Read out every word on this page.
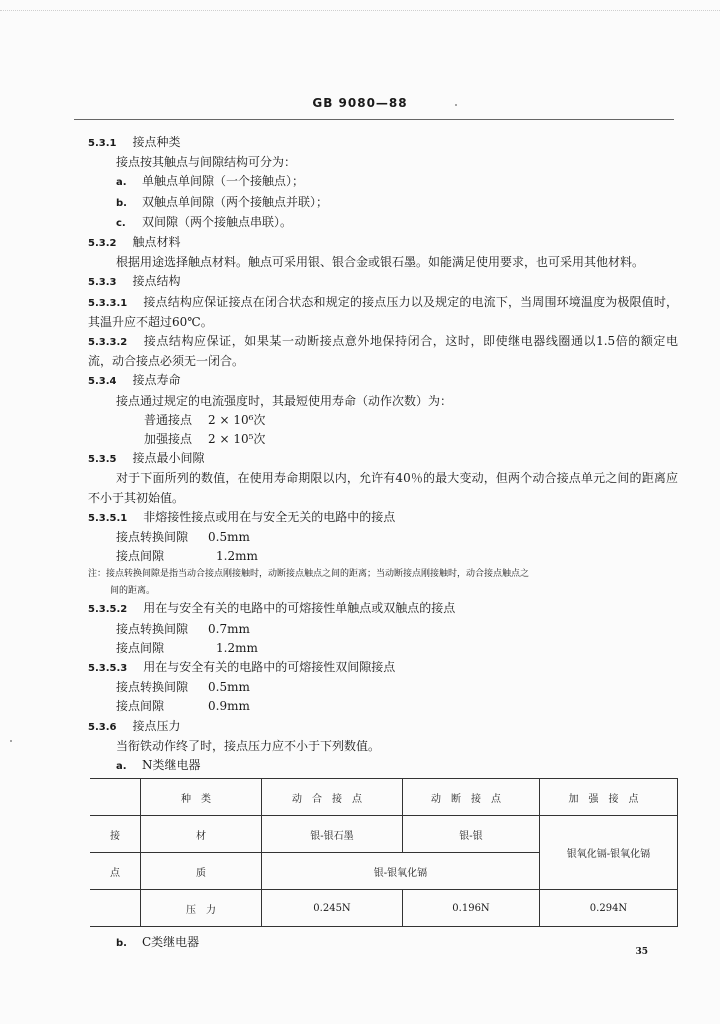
GB 9080—88
5.3.1 接点种类
接点按其触点与间隙结构可分为：
a. 单触点单间隙（一个接触点）；
b. 双触点单间隙（两个接触点并联）；
c. 双间隙（两个接触点串联）。
5.3.2 触点材料
根据用途选择触点材料。触点可采用银、银合金或银石墨。如能满足使用要求，也可采用其他材料。
5.3.3 接点结构
5.3.3.1 接点结构应保证接点在闭合状态和规定的接点压力以及规定的电流下，当周围环境温度为极限值时，其温升应不超过60℃。
5.3.3.2 接点结构应保证，如果某一动断接点意外地保持闭合，这时，即使继电器线圈通以1.5倍的额定电流，动合接点必须无一闭合。
5.3.4 接点寿命
接点通过规定的电流强度时，其最短使用寿命（动作次数）为：
普通接点 2 × 10⁶次
加强接点 2 × 10⁵次
5.3.5 接点最小间隙
对于下面所列的数值，在使用寿命期限以内，允许有40％的最大变动，但两个动合接点单元之间的距离应不小于其初始值。
5.3.5.1 非熔接性接点或用在与安全无关的电路中的接点
接点转换间隙 0.5mm
接点间隙	1.2mm
注：接点转换间隙是指当动合接点刚接触时，动断接点触点之间的距离；当动断接点刚接触时，动合接点触点之
间的距离。
5.3.5.2 用在与安全有关的电路中的可熔接性单触点或双触点的接点
接点转换间隙 0.7mm
接点间隙	1.2mm
5.3.5.3 用在与安全有关的电路中的可熔接性双间隙接点
接点转换间隙 0.5mm
接点间隙	0.9mm
5.3.6 接点压力
当衔铁动作终了时，接点压力应不小于下列数值。
a. N类继电器
	种类	动合接点	动断接点	加强接点
接	材	银-银石墨	银-银	银氧化镉-银氧化镉
点	质	银-银氧化镉		
	压　力	0.245N	0.196N	0.294N
b. C类继电器
35
